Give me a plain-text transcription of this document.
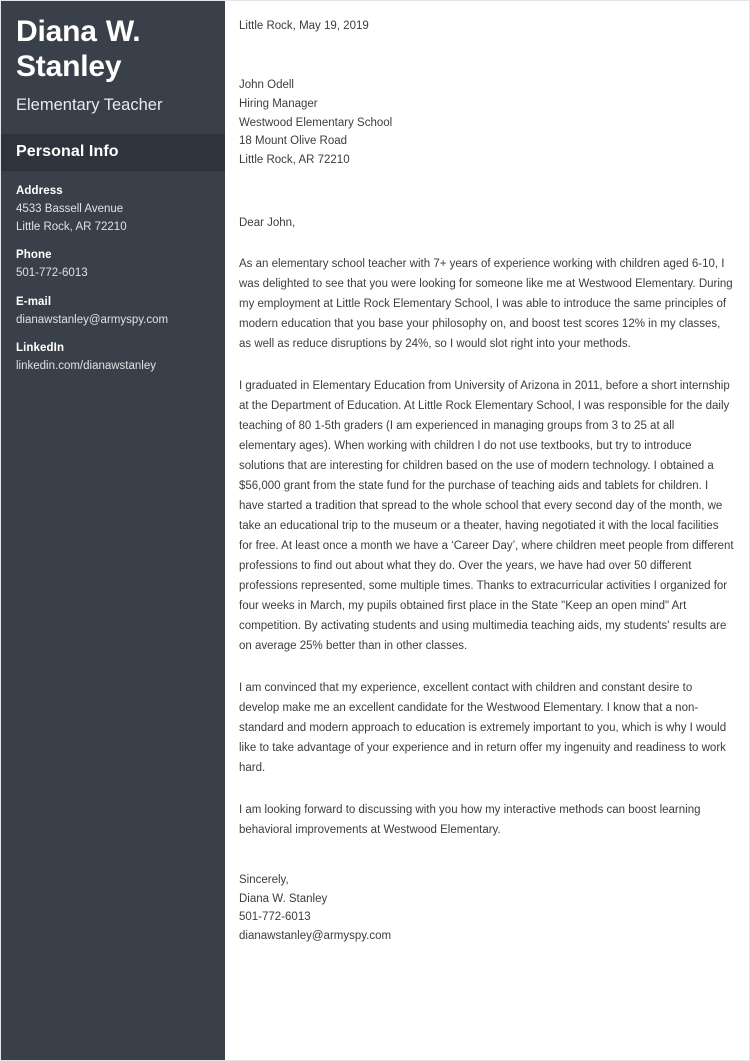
Diana W. Stanley

Elementary Teacher

Personal Info

Address

4533 Bassell Avenue

Little Rock, AR 72210

Phone

501-772-6013

E-mail

dianawstanley@armyspy.com

LinkedIn

linkedin.com/dianawstanley

Little Rock, May 19, 2019

John Odell

Hiring Manager

Westwood Elementary School

18 Mount Olive Road

Little Rock, AR 72210

Dear John,

As an elementary school teacher with 7+ years of experience working with children aged 6-10, I was delighted to see that you were looking for someone like me at Westwood Elementary. During my employment at Little Rock Elementary School, I was able to introduce the same principles of modern education that you base your philosophy on, and boost test scores 12% in my classes, as well as reduce disruptions by 24%, so I would slot right into your methods.

I graduated in Elementary Education from University of Arizona in 2011, before a short internship at the Department of Education. At Little Rock Elementary School, I was responsible for the daily teaching of 80 1-5th graders (I am experienced in managing groups from 3 to 25 at all elementary ages). When working with children I do not use textbooks, but try to introduce solutions that are interesting for children based on the use of modern technology. I obtained a $56,000 grant from the state fund for the purchase of teaching aids and tablets for children. I have started a tradition that spread to the whole school that every second day of the month, we take an educational trip to the museum or a theater, having negotiated it with the local facilities for free. At least once a month we have a ‘Career Day’, where children meet people from different professions to find out about what they do. Over the years, we have had over 50 different professions represented, some multiple times. Thanks to extracurricular activities I organized for four weeks in March, my pupils obtained first place in the State "Keep an open mind" Art competition. By activating students and using multimedia teaching aids, my students' results are on average 25% better than in other classes.

I am convinced that my experience, excellent contact with children and constant desire to develop make me an excellent candidate for the Westwood Elementary. I know that a non-standard and modern approach to education is extremely important to you, which is why I would like to take advantage of your experience and in return offer my ingenuity and readiness to work hard.

I am looking forward to discussing with you how my interactive methods can boost learning behavioral improvements at Westwood Elementary.

Sincerely,

Diana W. Stanley

501-772-6013

dianawstanley@armyspy.com
